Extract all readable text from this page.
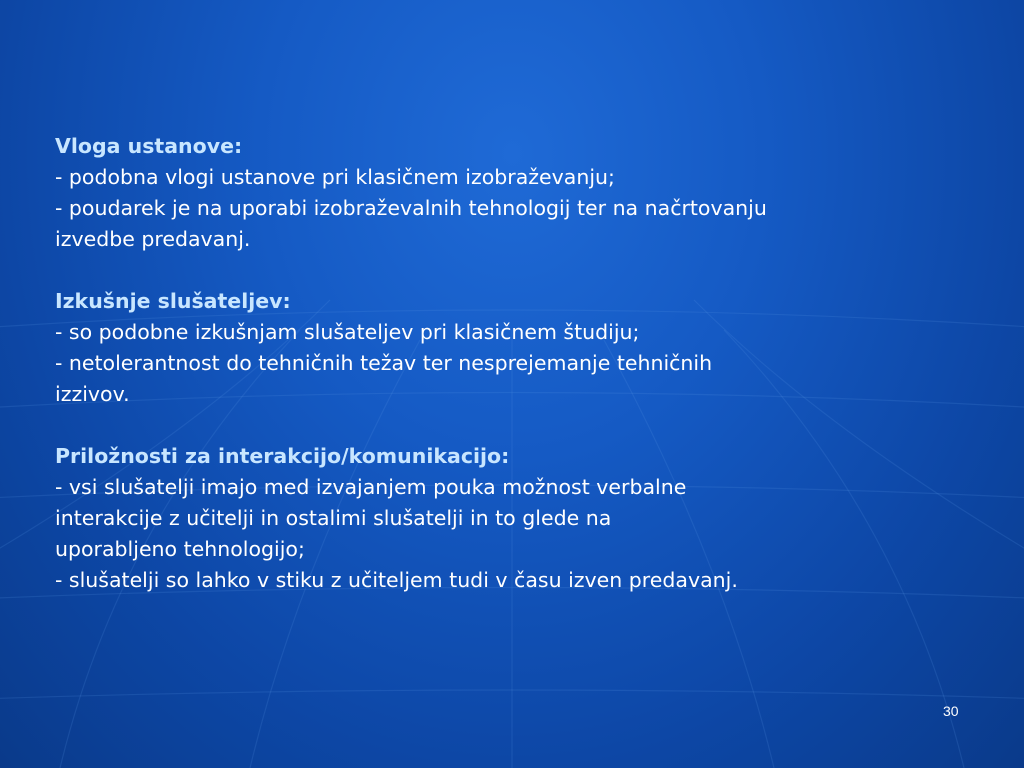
Vloga ustanove:
- podobna vlogi ustanove pri klasičnem izobraževanju;
- poudarek je na uporabi izobraževalnih tehnologij ter na načrtovanju
izvedbe predavanj.
Izkušnje slušateljev:
- so podobne izkušnjam slušateljev pri klasičnem študiju;
- netolerantnost do tehničnih težav ter nesprejemanje tehničnih
izzivov.
Priložnosti za interakcijo/komunikacijo:
- vsi slušatelji imajo med izvajanjem pouka možnost verbalne
interakcije z učitelji in ostalimi slušatelji in to glede na
uporabljeno tehnologijo;
- slušatelji so lahko v stiku z učiteljem tudi v času izven predavanj.
30
